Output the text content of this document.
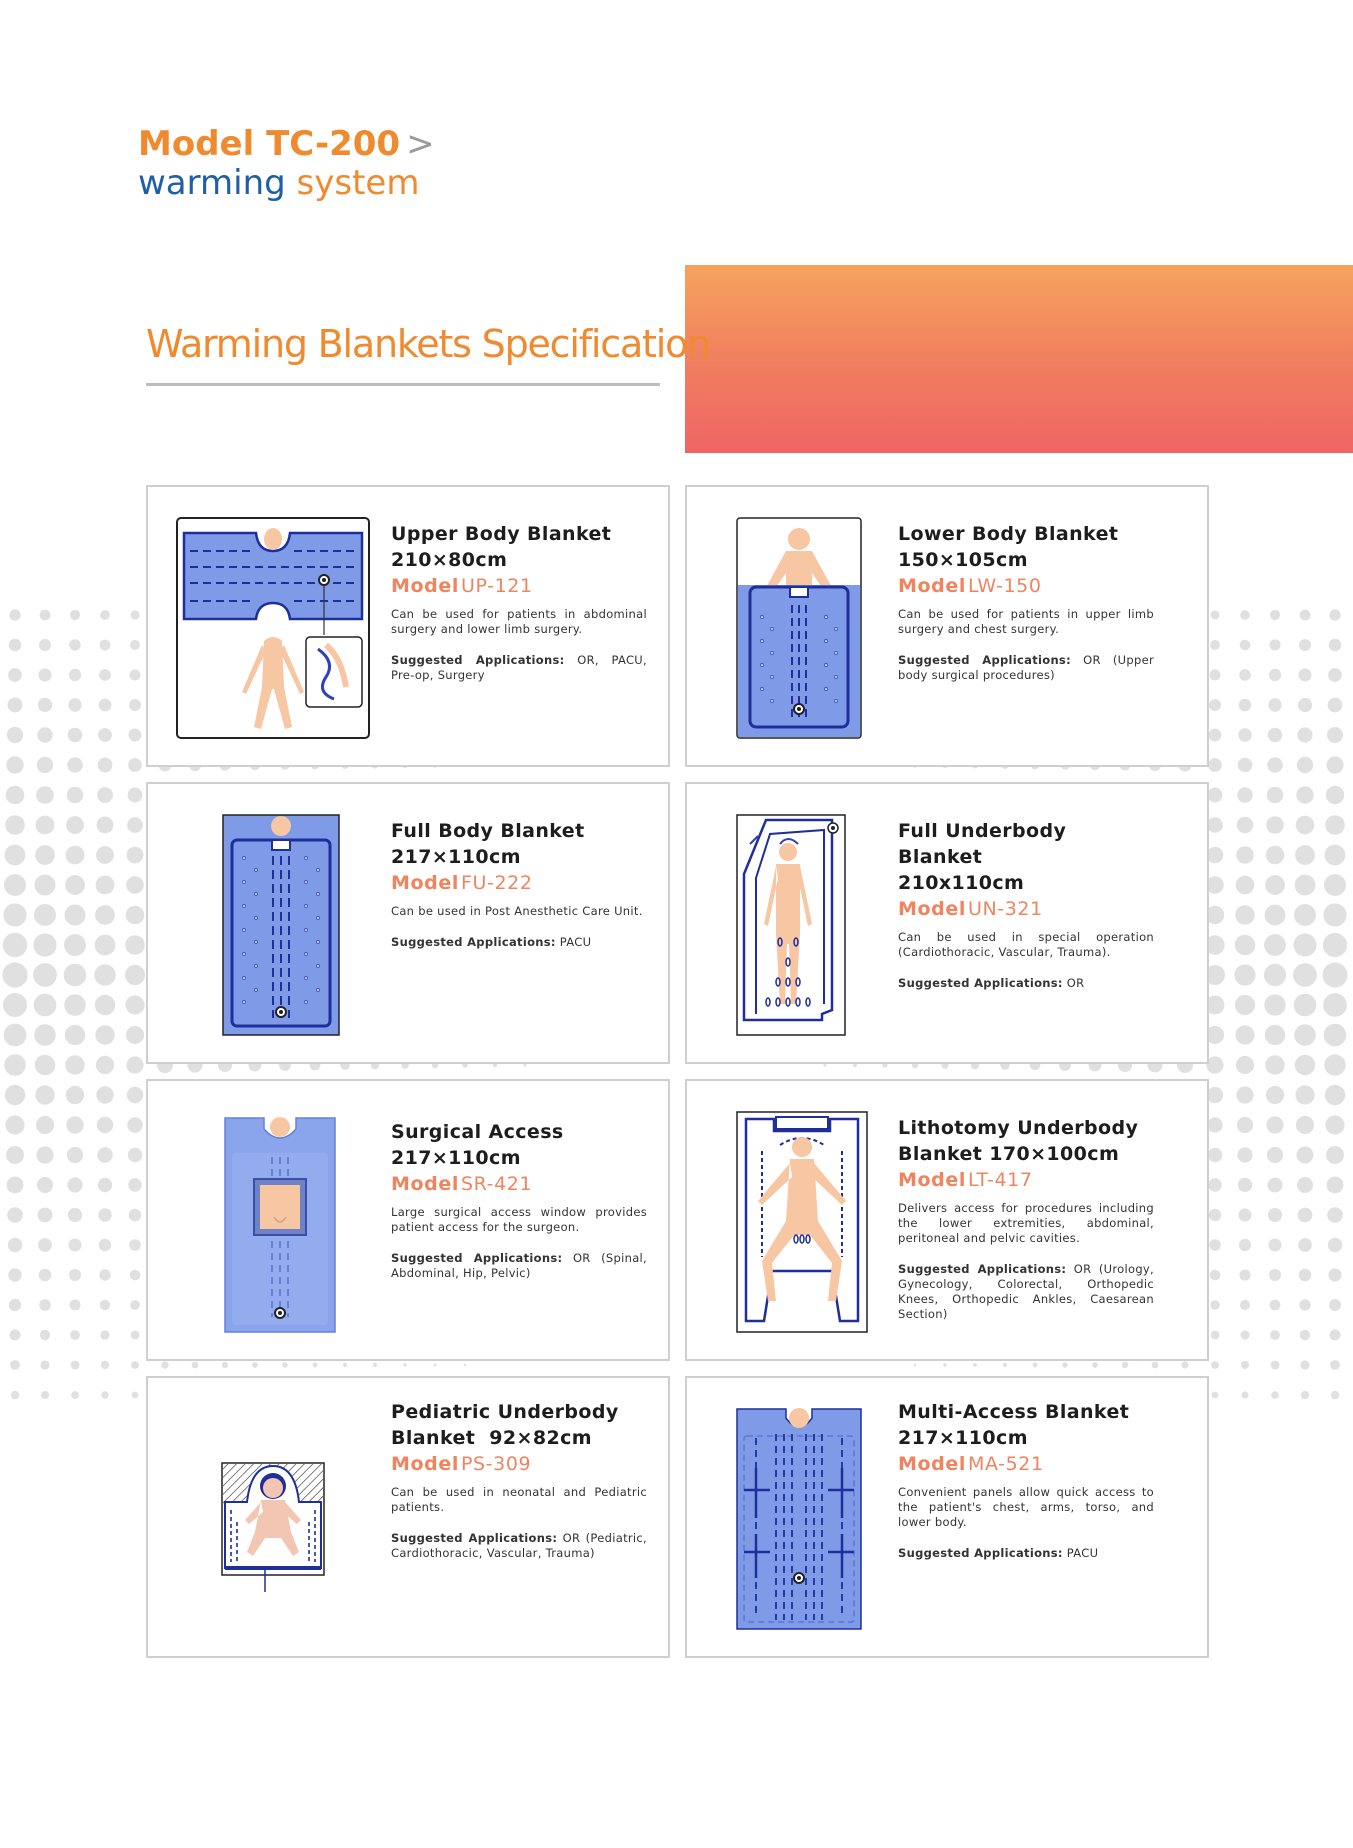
Model TC-200 >
warming system
Warming Blankets Specification
Upper Body Blanket
210×80cm
Model UP-121
Can be used for patients in abdominal surgery and lower limb surgery.
Suggested Applications: OR, PACU, Pre-op, Surgery
Lower Body Blanket
150×105cm
Model LW-150
Can be used for patients in upper limb surgery and chest surgery.
Suggested Applications: OR (Upper body surgical procedures)
Full Body Blanket
217×110cm
Model FU-222
Can be used in Post Anesthetic Care Unit.
Suggested Applications: PACU
Full Underbody Blanket
210x110cm
Model UN-321
Can be used in special operation (Cardiothoracic, Vascular, Trauma).
Suggested Applications: OR
Surgical Access
217×110cm
Model SR-421
Large surgical access window provides patient access for the surgeon.
Suggested Applications: OR (Spinal, Abdominal, Hip, Pelvic)
Lithotomy Underbody
Blanket 170×100cm
Model LT-417
Delivers access for procedures including the lower extremities, abdominal, peritoneal and pelvic cavities.
Suggested Applications: OR (Urology, Gynecology, Colorectal, Orthopedic Knees, Orthopedic Ankles, Caesarean Section)
Pediatric Underbody
Blanket  92×82cm
Model PS-309
Can be used in neonatal and Pediatric patients.
Suggested Applications: OR (Pediatric, Cardiothoracic, Vascular, Trauma)
Multi-Access Blanket
217×110cm
Model MA-521
Convenient panels allow quick access to the patient's chest, arms, torso, and lower body.
Suggested Applications: PACU
